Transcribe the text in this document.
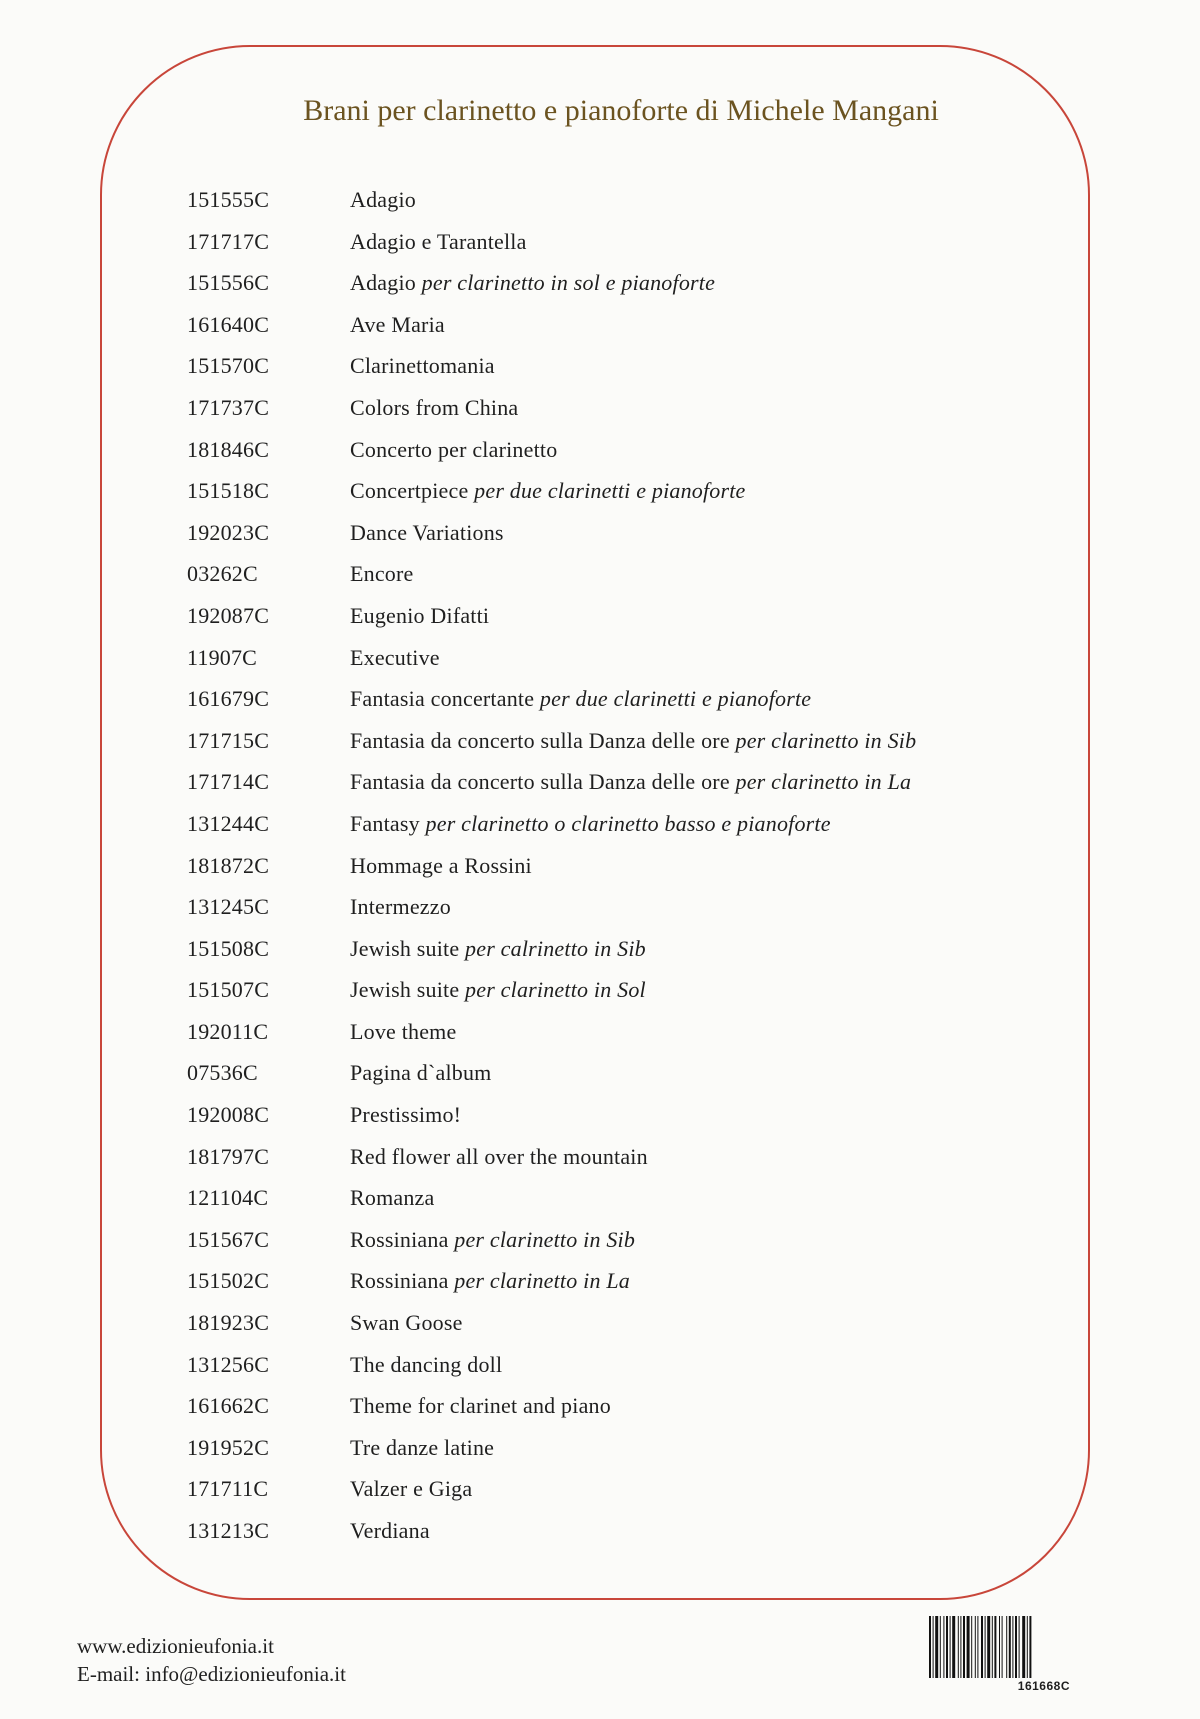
Brani per clarinetto e pianoforte di Michele Mangani
151555C	Adagio
171717C	Adagio e Tarantella
151556C	Adagio per clarinetto in sol e pianoforte
161640C	Ave Maria
151570C	Clarinettomania
171737C	Colors from China
181846C	Concerto per clarinetto
151518C	Concertpiece per due clarinetti e pianoforte
192023C	Dance Variations
03262C	Encore
192087C	Eugenio Difatti
11907C	Executive
161679C	Fantasia concertante per due clarinetti e pianoforte
171715C	Fantasia da concerto sulla Danza delle ore per clarinetto in Sib
171714C	Fantasia da concerto sulla Danza delle ore per clarinetto in La
131244C	Fantasy per clarinetto o clarinetto basso e pianoforte
181872C	Hommage a Rossini
131245C	Intermezzo
151508C	Jewish suite per calrinetto in Sib
151507C	Jewish suite per clarinetto in Sol
192011C	Love theme
07536C	Pagina d`album
192008C	Prestissimo!
181797C	Red flower all over the mountain
121104C	Romanza
151567C	Rossiniana per clarinetto in Sib
151502C	Rossiniana per clarinetto in La
181923C	Swan Goose
131256C	The dancing doll
161662C	Theme for clarinet and piano
191952C	Tre danze latine
171711C	Valzer e Giga
131213C	Verdiana
www.edizionieufonia.it
E-mail: info@edizionieufonia.it	161668C
